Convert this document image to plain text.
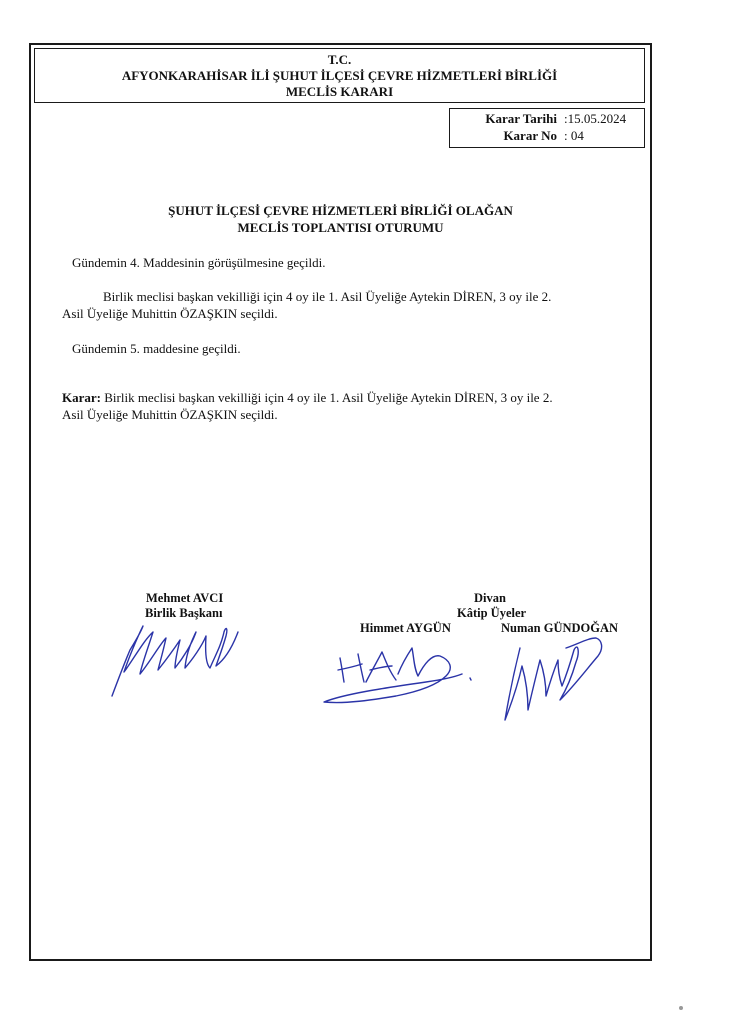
T.C.
AFYONKARAHİSAR İLİ ŞUHUT İLÇESİ ÇEVRE HİZMETLERİ BİRLİĞİ
MECLİS KARARI
Karar Tarihi :15.05.2024
Karar No : 04
ŞUHUT İLÇESİ ÇEVRE HİZMETLERİ BİRLİĞİ OLAĞAN
MECLİS TOPLANTISI OTURUMU
Gündemin 4. Maddesinin görüşülmesine geçildi.
Birlik meclisi başkan vekilliği için 4 oy ile 1. Asil Üyeliğe Aytekin DİREN, 3 oy ile 2.
Asil Üyeliğe Muhittin ÖZAŞKIN seçildi.
Gündemin 5. maddesine geçildi.
Karar: Birlik meclisi başkan vekilliği için 4 oy ile 1. Asil Üyeliğe Aytekin DİREN, 3 oy ile 2.
Asil Üyeliğe Muhittin ÖZAŞKIN seçildi.
Mehmet AVCI
Birlik Başkanı
Divan
Kâtip Üyeler
Himmet AYGÜN	Numan GÜNDOĞAN
